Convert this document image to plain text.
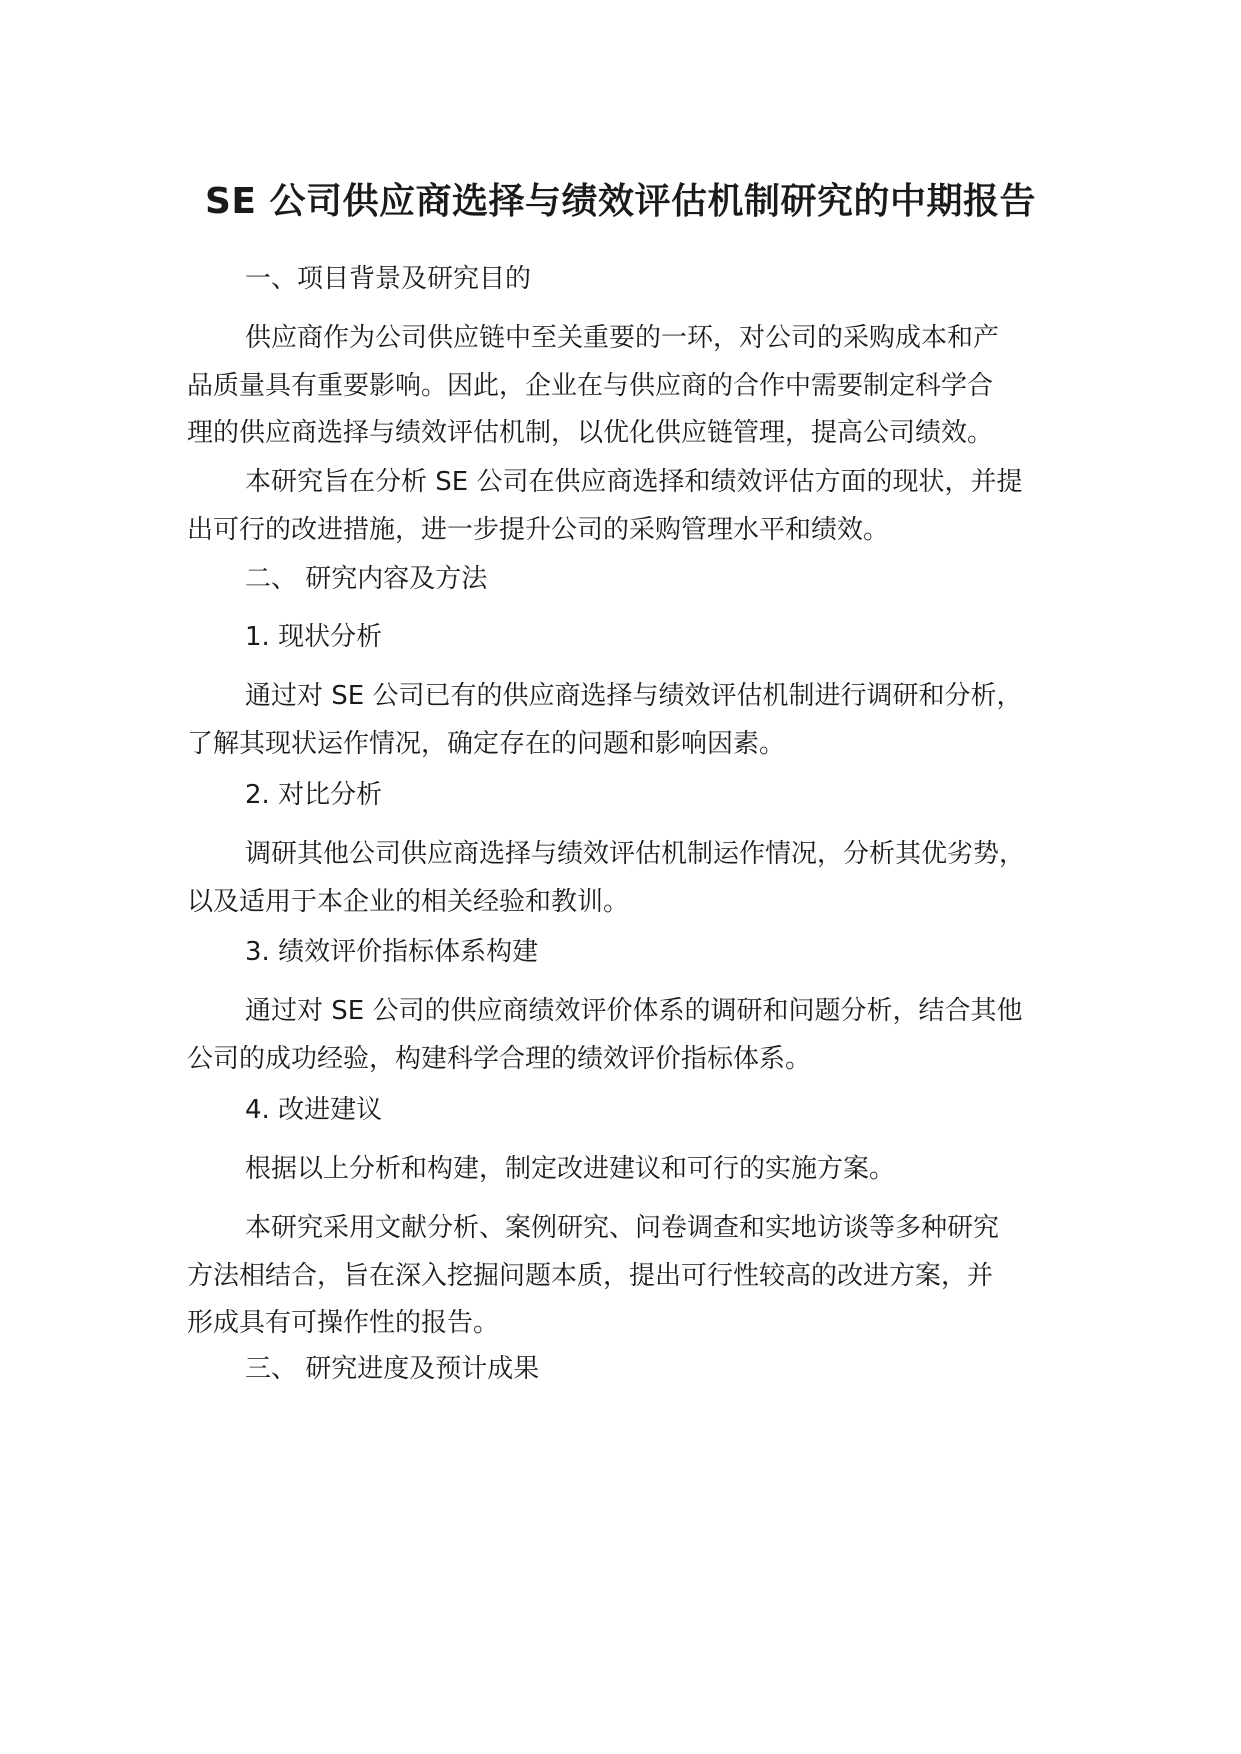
SE 公司供应商选择与绩效评估机制研究的中期报告

一、项目背景及研究目的

供应商作为公司供应链中至关重要的一环，对公司的采购成本和产
品质量具有重要影响。因此，企业在与供应商的合作中需要制定科学合
理的供应商选择与绩效评估机制，以优化供应链管理，提高公司绩效。
本研究旨在分析 SE 公司在供应商选择和绩效评估方面的现状，并提
出可行的改进措施，进一步提升公司的采购管理水平和绩效。

二、 研究内容及方法

1. 现状分析

通过对 SE 公司已有的供应商选择与绩效评估机制进行调研和分析，
了解其现状运作情况，确定存在的问题和影响因素。

2. 对比分析

调研其他公司供应商选择与绩效评估机制运作情况，分析其优劣势，
以及适用于本企业的相关经验和教训。

3. 绩效评价指标体系构建

通过对 SE 公司的供应商绩效评价体系的调研和问题分析，结合其他
公司的成功经验，构建科学合理的绩效评价指标体系。

4. 改进建议

根据以上分析和构建，制定改进建议和可行的实施方案。
本研究采用文献分析、案例研究、问卷调查和实地访谈等多种研究
方法相结合，旨在深入挖掘问题本质，提出可行性较高的改进方案，并
形成具有可操作性的报告。

三、 研究进度及预计成果
